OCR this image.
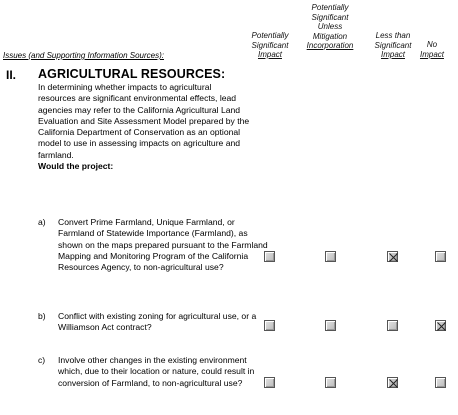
Issues (and Supporting Information Sources):
Potentially
Significant
Impact
Potentially
Significant
Unless
Mitigation
Incorporation
Less than
Significant
Impact
No
Impact
II. AGRICULTURAL RESOURCES:
In determining whether impacts to agricultural resources are significant environmental effects, lead agencies may refer to the California Agricultural Land Evaluation and Site Assessment Model prepared by the California Department of Conservation as an optional model to use in assessing impacts on agriculture and farmland.
Would the project:
a) Convert Prime Farmland, Unique Farmland, or Farmland of Statewide Importance (Farmland), as shown on the maps prepared pursuant to the Farmland Mapping and Monitoring Program of the California Resources Agency, to non-agricultural use?
b) Conflict with existing zoning for agricultural use, or a Williamson Act contract?
c) Involve other changes in the existing environment which, due to their location or nature, could result in conversion of Farmland, to non-agricultural use?
